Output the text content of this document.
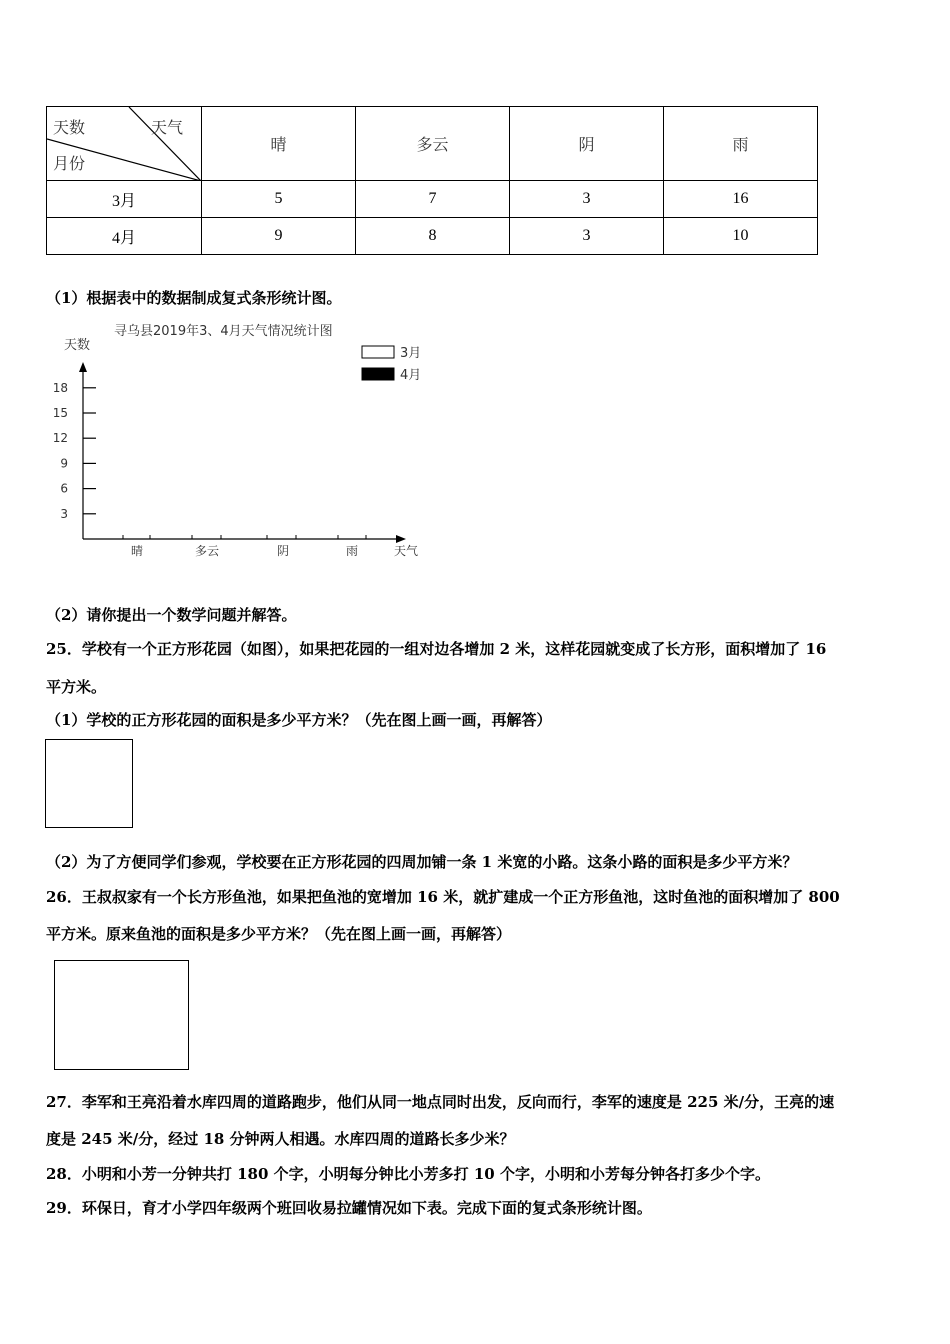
天数 天气
月份	晴	多云	阴	雨
3月	5	7	3	16
4月	9	8	3	10
（1）根据表中的数据制成复式条形统计图。
寻乌县2019年3、4月天气情况统计图
天数
3月
4月
3
6
9
12
15
18
晴	多云	阴	雨	天气
（2）请你提出一个数学问题并解答。
25．学校有一个正方形花园（如图），如果把花园的一组对边各增加 2 米，这样花园就变成了长方形，面积增加了 16
平方米。
（1）学校的正方形花园的面积是多少平方米？（先在图上画一画，再解答）
（2）为了方便同学们参观，学校要在正方形花园的四周加铺一条 1 米宽的小路。这条小路的面积是多少平方米？
26．王叔叔家有一个长方形鱼池，如果把鱼池的宽增加 16 米，就扩建成一个正方形鱼池，这时鱼池的面积增加了 800
平方米。原来鱼池的面积是多少平方米？（先在图上画一画，再解答）
27．李军和王亮沿着水库四周的道路跑步，他们从同一地点同时出发，反向而行，李军的速度是 225 米/分，王亮的速
度是 245 米/分，经过 18 分钟两人相遇。水库四周的道路长多少米？
28．小明和小芳一分钟共打 180 个字，小明每分钟比小芳多打 10 个字，小明和小芳每分钟各打多少个字。
29．环保日，育才小学四年级两个班回收易拉罐情况如下表。完成下面的复式条形统计图。
